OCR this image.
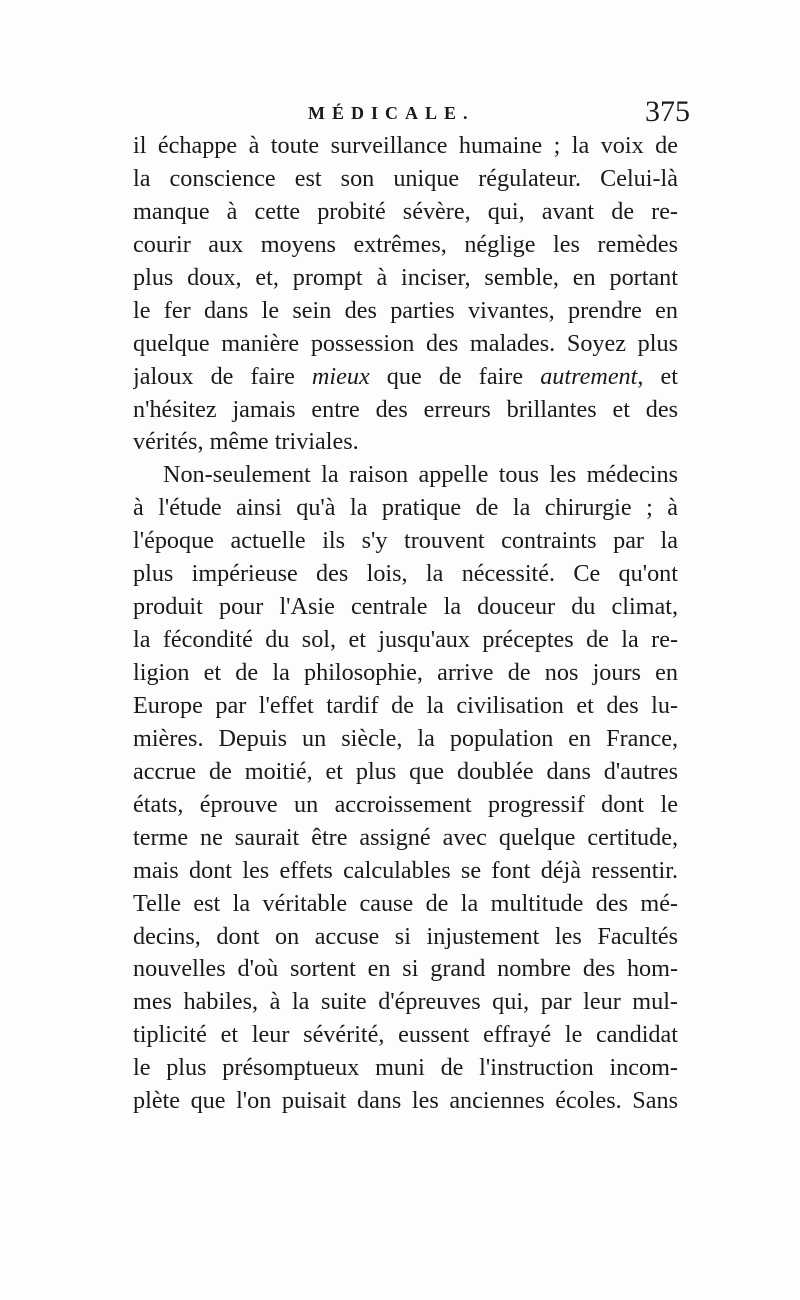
MÉDICALE.	375
il échappe à toute surveillance humaine ; la voix de
la conscience est son unique régulateur. Celui-là
manque à cette probité sévère, qui, avant de re-
courir aux moyens extrêmes, néglige les remèdes
plus doux, et, prompt à inciser, semble, en portant
le fer dans le sein des parties vivantes, prendre en
quelque manière possession des malades. Soyez plus
jaloux de faire mieux que de faire autrement, et
n'hésitez jamais entre des erreurs brillantes et des
vérités, même triviales.
Non-seulement la raison appelle tous les médecins
à l'étude ainsi qu'à la pratique de la chirurgie ; à
l'époque actuelle ils s'y trouvent contraints par la
plus impérieuse des lois, la nécessité. Ce qu'ont
produit pour l'Asie centrale la douceur du climat,
la fécondité du sol, et jusqu'aux préceptes de la re-
ligion et de la philosophie, arrive de nos jours en
Europe par l'effet tardif de la civilisation et des lu-
mières. Depuis un siècle, la population en France,
accrue de moitié, et plus que doublée dans d'autres
états, éprouve un accroissement progressif dont le
terme ne saurait être assigné avec quelque certitude,
mais dont les effets calculables se font déjà ressentir.
Telle est la véritable cause de la multitude des mé-
decins, dont on accuse si injustement les Facultés
nouvelles d'où sortent en si grand nombre des hom-
mes habiles, à la suite d'épreuves qui, par leur mul-
tiplicité et leur sévérité, eussent effrayé le candidat
le plus présomptueux muni de l'instruction incom-
plète que l'on puisait dans les anciennes écoles. Sans
